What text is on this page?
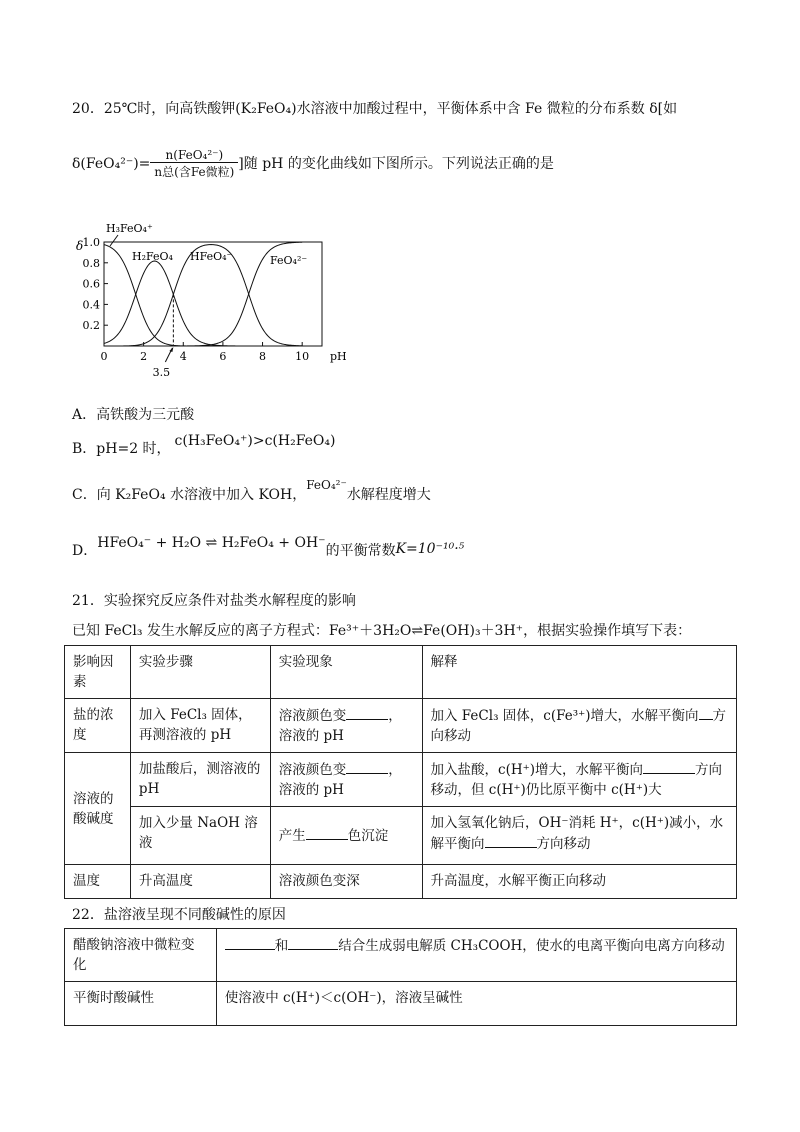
20．25℃时，向高铁酸钾(K₂FeO₄)水溶液中加酸过程中，平衡体系中含 Fe 微粒的分布系数 δ[如
$\delta(FeO_4^{2-})= \frac{\text{n(FeO₄²⁻)}}{\text{n总(含Fe微粒)}}$ ]随 pH 的变化曲线如下图所示。下列说法正确的是
0.2
0.4
0.6
0.8
1.0
0	2	4	6	8	10
δ
pH
3.5
H₃FeO₄⁺
H₂FeO₄ HFeO₄⁻	FeO₄²⁻
A．高铁酸为三元酸
B．pH=2 时， c(H₃FeO₄⁺)>c(H₂FeO₄)
C．向 K₂FeO₄ 水溶液中加入 KOH，FeO₄²⁻水解程度增大
D．HFeO₄⁻ + H₂O ⇌ H₂FeO₄ + OH⁻的平衡常数K=10⁻¹⁰·⁵
21．实验探究反应条件对盐类水解程度的影响
已知 FeCl₃ 发生水解反应的离子方程式：Fe³⁺＋3H₂O⇌Fe(OH)₃＋3H⁺，根据实验操作填写下表：
影响因素	实验步骤	实验现象	解释
盐的浓度	加入 FeCl₃ 固体，再测溶液的 pH	溶液颜色变 ，溶液的 pH	加入 FeCl₃ 固体，c(Fe³⁺)增大，水解平衡向 方向移动
溶液的酸碱度	加盐酸后，测溶液的 pH	溶液颜色变 ，溶液的 pH	加入盐酸，c(H⁺)增大，水解平衡向 方向移动，但 c(H⁺)仍比原平衡中 c(H⁺)大
	加入少量 NaOH 溶液	产生 色沉淀	加入氢氧化钠后，OH⁻消耗 H⁺，c(H⁺)减小，水解平衡向 方向移动
温度	升高温度	溶液颜色变深	升高温度，水解平衡正向移动
22．盐溶液呈现不同酸碱性的原因
醋酸钠溶液中微粒变化	和 结合生成弱电解质 CH₃COOH，使水的电离平衡向电离方向移动
平衡时酸碱性	使溶液中 c(H⁺)＜c(OH⁻)，溶液呈碱性
